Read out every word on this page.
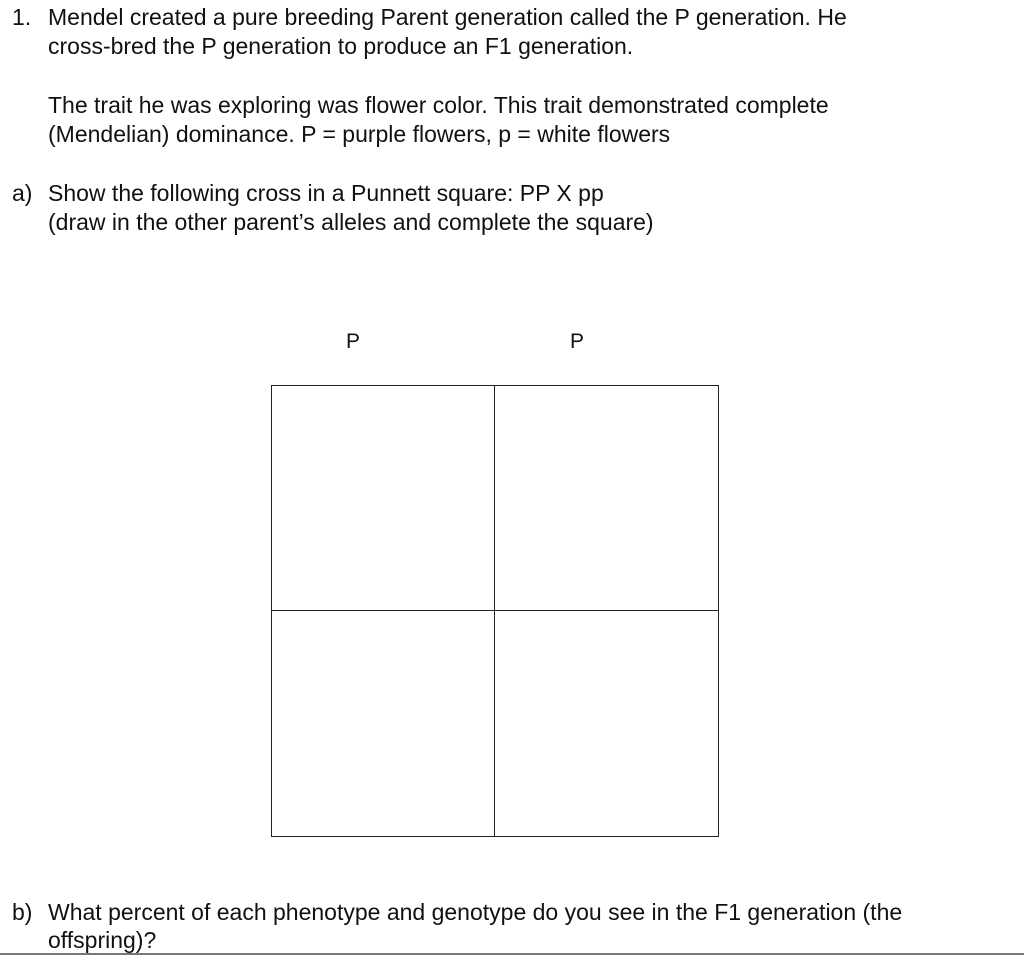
1. Mendel created a pure breeding Parent generation called the P generation. He
cross-bred the P generation to produce an F1 generation.
The trait he was exploring was flower color. This trait demonstrated complete
(Mendelian) dominance. P = purple flowers, p = white flowers
a) Show the following cross in a Punnett square: PP X pp
(draw in the other parent’s alleles and complete the square)
P	P
b) What percent of each phenotype and genotype do you see in the F1 generation (the
offspring)?
